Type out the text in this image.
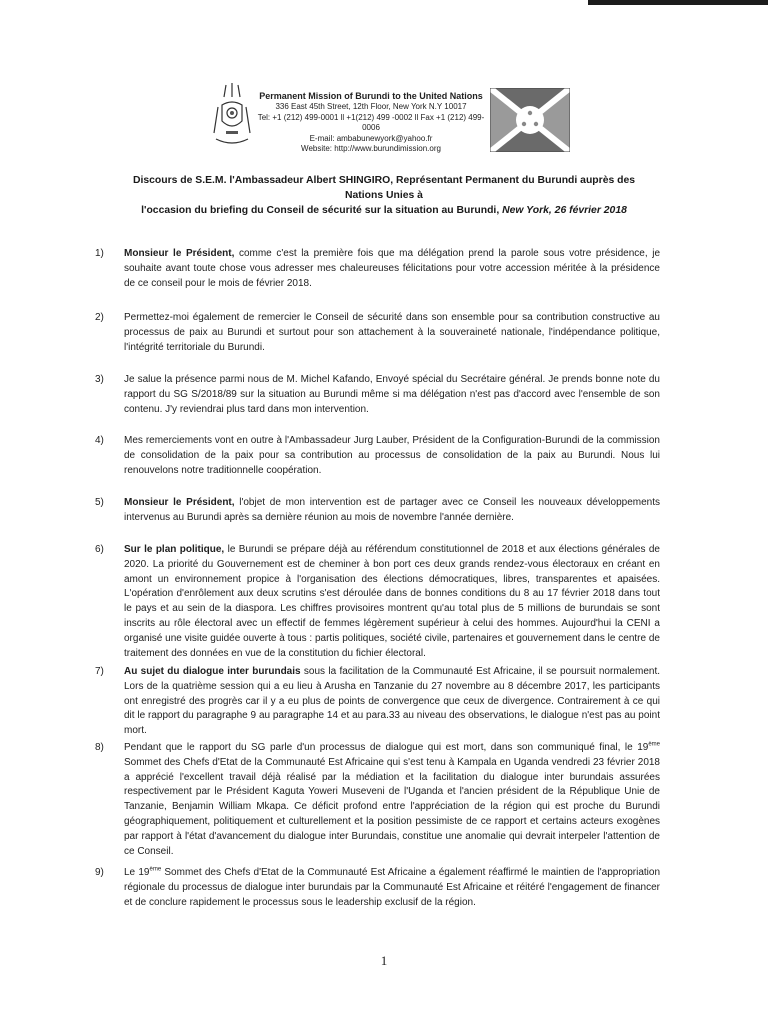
Permanent Mission of Burundi to the United Nations
336 East 45th Street, 12th Floor, New York N.Y 10017
Tel: +1 (212) 499-0001 ll +1(212) 499 -0002 ll Fax +1 (212) 499-0006
E-mail: ambabunewyork@yahoo.fr
Website: http://www.burundimission.org
Discours de S.E.M. l'Ambassadeur Albert SHINGIRO, Représentant Permanent du Burundi auprès des Nations Unies à
l'occasion du briefing du Conseil de sécurité sur la situation au Burundi, New York, 26 février 2018
1)	Monsieur le Président, comme c'est la première fois que ma délégation prend la parole sous votre présidence, je souhaite avant toute chose vous adresser mes chaleureuses félicitations pour votre accession méritée à la présidence de ce conseil pour le mois de février 2018.
2)	Permettez-moi également de remercier le Conseil de sécurité dans son ensemble pour sa contribution constructive au processus de paix au Burundi et surtout pour son attachement à la souveraineté nationale, l'indépendance politique, l'intégrité territoriale du Burundi.
3)	Je salue la présence parmi nous de M. Michel Kafando, Envoyé spécial du Secrétaire général. Je prends bonne note du rapport du SG S/2018/89 sur la situation au Burundi même si ma délégation n'est pas d'accord avec l'ensemble de son contenu. J'y reviendrai plus tard dans mon intervention.
4)	Mes remerciements vont en outre à l'Ambassadeur Jurg Lauber, Président de la Configuration-Burundi de la commission de consolidation de la paix pour sa contribution au processus de consolidation de la paix au Burundi. Nous lui renouvelons notre traditionnelle coopération.
5)	Monsieur le Président, l'objet de mon intervention est de partager avec ce Conseil les nouveaux développements intervenus au Burundi après sa dernière réunion au mois de novembre l'année dernière.
6)	Sur le plan politique, le Burundi se prépare déjà au référendum constitutionnel de 2018 et aux élections générales de 2020. La priorité du Gouvernement est de cheminer à bon port ces deux grands rendez-vous électoraux en créant en amont un environnement propice à l'organisation des élections démocratiques, libres, transparentes et apaisées. L'opération d'enrôlement aux deux scrutins s'est déroulée dans de bonnes conditions du 8 au 17 février 2018 dans tout le pays et au sein de la diaspora. Les chiffres provisoires montrent qu'au total plus de 5 millions de burundais se sont inscrits au rôle électoral avec un effectif de femmes légèrement supérieur à celui des hommes. Aujourd'hui la CENI a organisé une visite guidée ouverte à tous : partis politiques, société civile, partenaires et gouvernement dans le centre de traitement des données en vue de la constitution du fichier électoral.
7)	Au sujet du dialogue inter burundais sous la facilitation de la Communauté Est Africaine, il se poursuit normalement. Lors de la quatrième session qui a eu lieu à Arusha en Tanzanie du 27 novembre au 8 décembre 2017, les participants ont enregistré des progrès car il y a eu plus de points de convergence que ceux de divergence. Contrairement à ce qui dit le rapport du paragraphe 9 au paragraphe 14 et au para.33 au niveau des observations, le dialogue n'est pas au point mort.
8)	Pendant que le rapport du SG parle d'un processus de dialogue qui est mort, dans son communiqué final, le 19ème Sommet des Chefs d'Etat de la Communauté Est Africaine qui s'est tenu à Kampala en Uganda vendredi 23 février 2018 a apprécié l'excellent travail déjà réalisé par la médiation et la facilitation du dialogue inter burundais assurées respectivement par le Président Kaguta Yoweri Museveni de l'Uganda et l'ancien président de la République Unie de Tanzanie, Benjamin William Mkapa. Ce déficit profond entre l'appréciation de la région qui est proche du Burundi géographiquement, politiquement et culturellement et la position pessimiste de ce rapport et certains acteurs exogènes par rapport à l'état d'avancement du dialogue inter Burundais, constitue une anomalie qui devrait interpeler l'attention de ce Conseil.
9)	Le 19ème Sommet des Chefs d'Etat de la Communauté Est Africaine a également réaffirmé le maintien de l'appropriation régionale du processus de dialogue inter burundais par la Communauté Est Africaine et réitéré l'engagement de financer et de conclure rapidement le processus sous le leadership exclusif de la région.
1
